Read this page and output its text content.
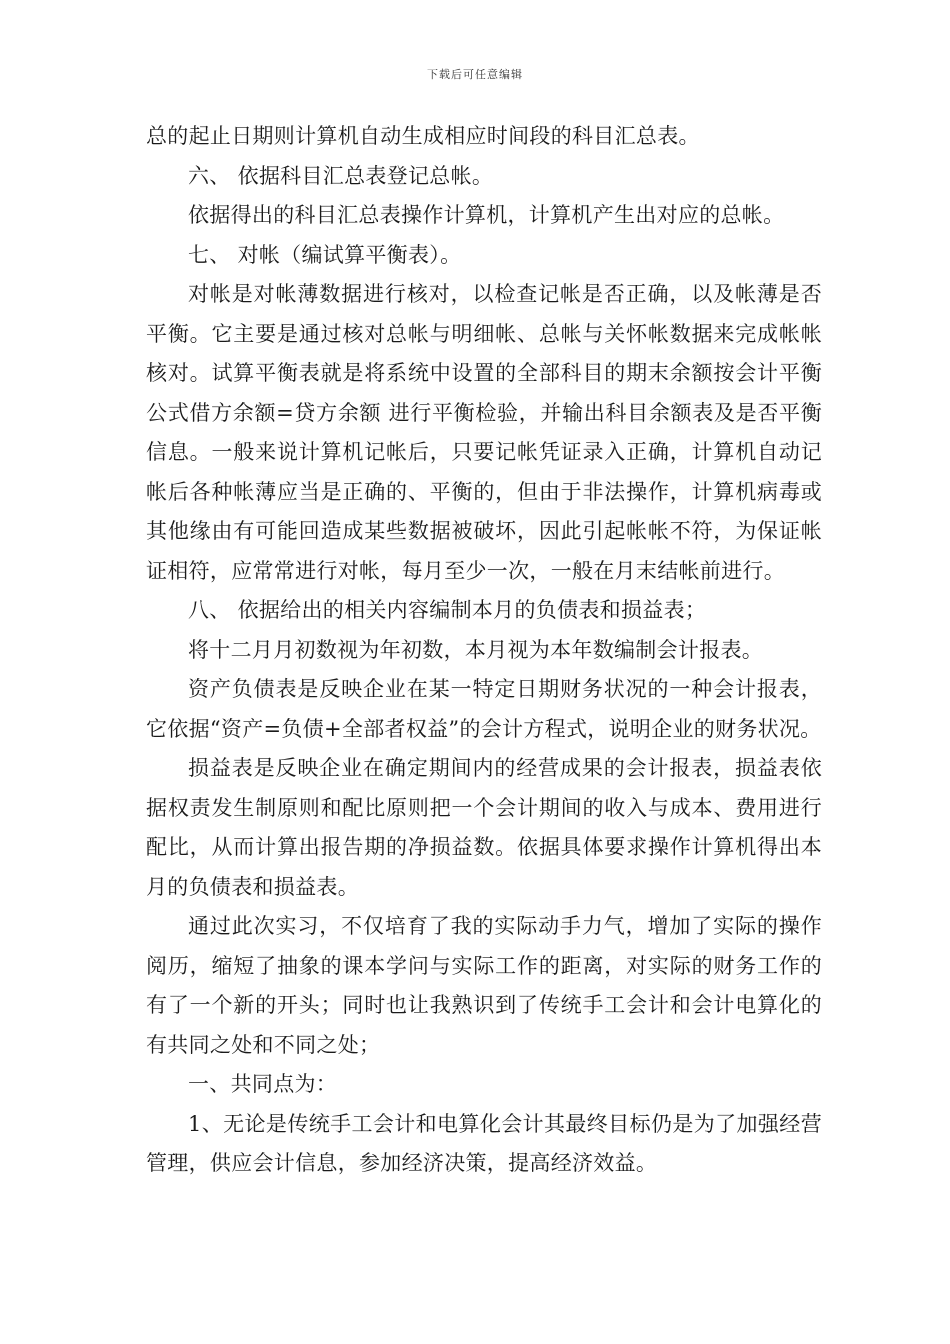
下载后可任意编辑

总的起止日期则计算机自动生成相应时间段的科目汇总表。

六、 依据科目汇总表登记总帐。

依据得出的科目汇总表操作计算机，计算机产生出对应的总帐。

七、 对帐（编试算平衡表）。

对帐是对帐薄数据进行核对，以检查记帐是否正确，以及帐薄是否平衡。它主要是通过核对总帐与明细帐、总帐与关怀帐数据来完成帐帐核对。试算平衡表就是将系统中设置的全部科目的期末余额按会计平衡公式借方余额=贷方余额 进行平衡检验，并输出科目余额表及是否平衡信息。一般来说计算机记帐后，只要记帐凭证录入正确，计算机自动记帐后各种帐薄应当是正确的、平衡的，但由于非法操作，计算机病毒或其他缘由有可能回造成某些数据被破坏，因此引起帐帐不符，为保证帐证相符，应常常进行对帐，每月至少一次，一般在月末结帐前进行。

八、 依据给出的相关内容编制本月的负债表和损益表；

将十二月月初数视为年初数，本月视为本年数编制会计报表。

资产负债表是反映企业在某一特定日期财务状况的一种会计报表，它依据“资产=负债+全部者权益”的会计方程式，说明企业的财务状况。

损益表是反映企业在确定期间内的经营成果的会计报表，损益表依据权责发生制原则和配比原则把一个会计期间的收入与成本、费用进行配比，从而计算出报告期的净损益数。依据具体要求操作计算机得出本月的负债表和损益表。

通过此次实习，不仅培育了我的实际动手力气，增加了实际的操作阅历，缩短了抽象的课本学问与实际工作的距离，对实际的财务工作的有了一个新的开头；同时也让我熟识到了传统手工会计和会计电算化的有共同之处和不同之处；

一、共同点为：

1、无论是传统手工会计和电算化会计其最终目标仍是为了加强经营管理，供应会计信息，参加经济决策，提高经济效益。
